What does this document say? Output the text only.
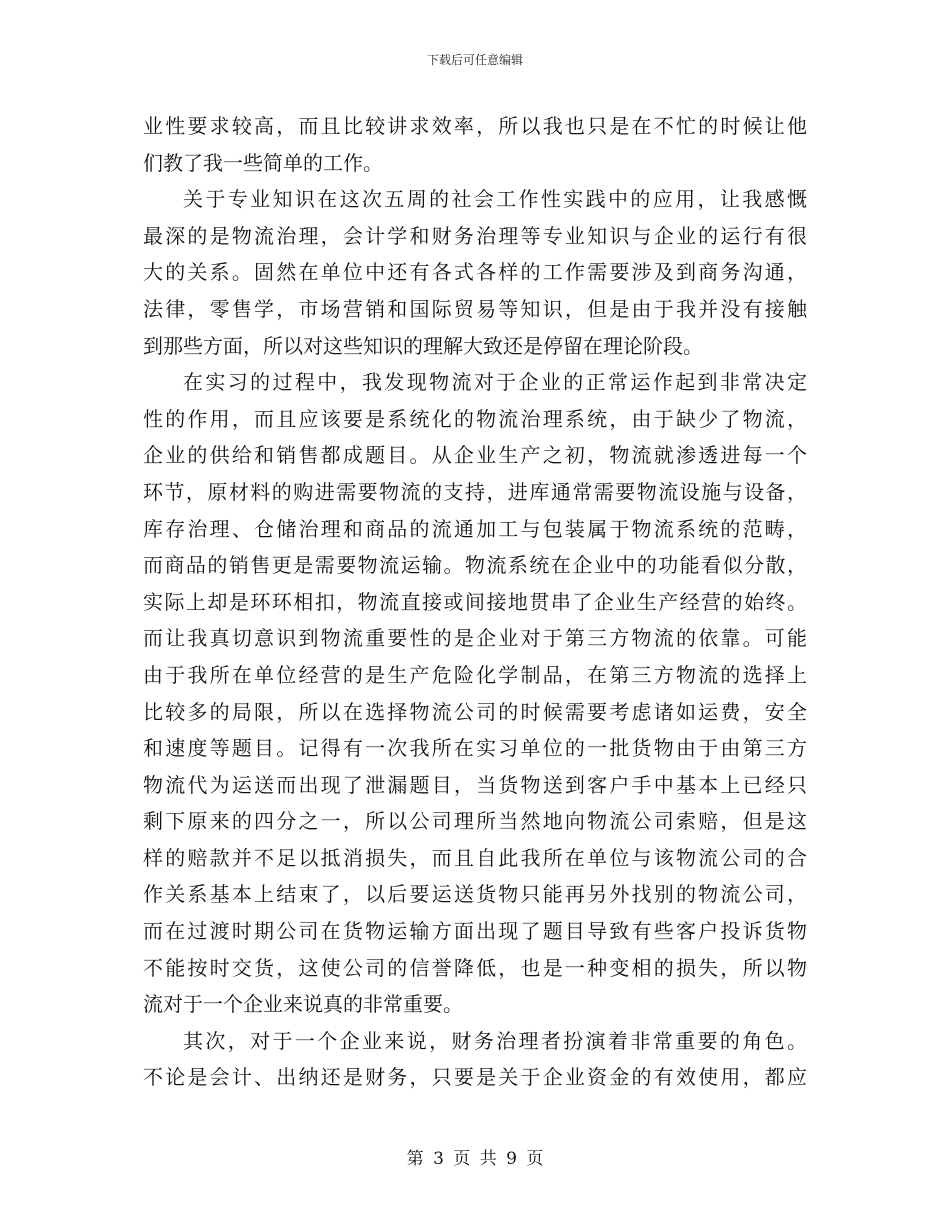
下载后可任意编辑
业性要求较高，而且比较讲求效率，所以我也只是在不忙的时候让他
们教了我一些简单的工作。
关于专业知识在这次五周的社会工作性实践中的应用，让我感慨
最深的是物流治理，会计学和财务治理等专业知识与企业的运行有很
大的关系。固然在单位中还有各式各样的工作需要涉及到商务沟通，
法律，零售学，市场营销和国际贸易等知识，但是由于我并没有接触
到那些方面，所以对这些知识的理解大致还是停留在理论阶段。
在实习的过程中，我发现物流对于企业的正常运作起到非常决定
性的作用，而且应该要是系统化的物流治理系统，由于缺少了物流，
企业的供给和销售都成题目。从企业生产之初，物流就渗透进每一个
环节，原材料的购进需要物流的支持，进库通常需要物流设施与设备，
库存治理、仓储治理和商品的流通加工与包装属于物流系统的范畴，
而商品的销售更是需要物流运输。物流系统在企业中的功能看似分散，
实际上却是环环相扣，物流直接或间接地贯串了企业生产经营的始终。
而让我真切意识到物流重要性的是企业对于第三方物流的依靠。可能
由于我所在单位经营的是生产危险化学制品，在第三方物流的选择上
比较多的局限，所以在选择物流公司的时候需要考虑诸如运费，安全
和速度等题目。记得有一次我所在实习单位的一批货物由于由第三方
物流代为运送而出现了泄漏题目，当货物送到客户手中基本上已经只
剩下原来的四分之一，所以公司理所当然地向物流公司索赔，但是这
样的赔款并不足以抵消损失，而且自此我所在单位与该物流公司的合
作关系基本上结束了，以后要运送货物只能再另外找别的物流公司，
而在过渡时期公司在货物运输方面出现了题目导致有些客户投诉货物
不能按时交货，这使公司的信誉降低，也是一种变相的损失，所以物
流对于一个企业来说真的非常重要。
其次，对于一个企业来说，财务治理者扮演着非常重要的角色。
不论是会计、出纳还是财务，只要是关于企业资金的有效使用，都应
第 3 页 共 9 页
